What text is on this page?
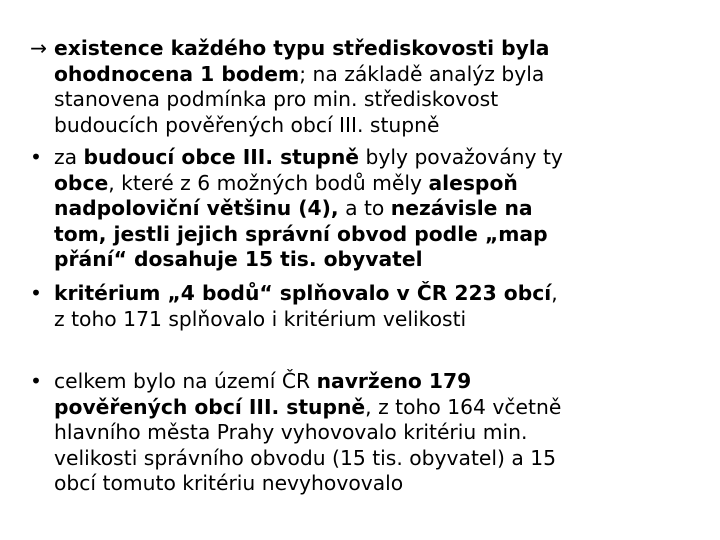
→ existence každého typu střediskovosti byla
ohodnocena 1 bodem; na základě analýz byla
stanovena podmínka pro min. střediskovost
budoucích pověřených obcí III. stupně
• za budoucí obce III. stupně byly považovány ty
obce, které z 6 možných bodů měly alespoň
nadpoloviční většinu (4), a to nezávisle na
tom, jestli jejich správní obvod podle „map
přání“ dosahuje 15 tis. obyvatel
• kritérium „4 bodů“ splňovalo v ČR 223 obcí,
z toho 171 splňovalo i kritérium velikosti
• celkem bylo na území ČR navrženo 179
pověřených obcí III. stupně, z toho 164 včetně
hlavního města Prahy vyhovovalo kritériu min.
velikosti správního obvodu (15 tis. obyvatel) a 15
obcí tomuto kritériu nevyhovovalo
